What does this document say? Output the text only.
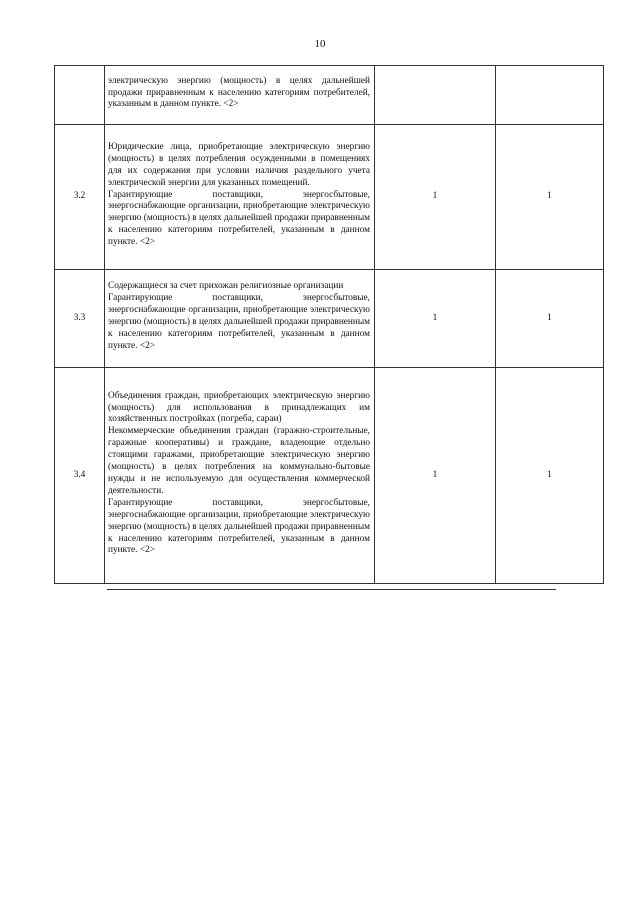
10

	электрическую энергию (мощность) в целях дальнейшей продажи приравненным к населению категориям потребителей, указанным в данном пункте. <2>		

3.2	Юридические лица, приобретающие электрическую энергию (мощность) в целях потребления осужденными в помещениях для их содержания при условии наличия раздельного учета электрической энергии для указанных помещений.

Гарантирующие поставщики, энергосбытовые, энергоснабжающие организации, приобретающие электрическую энергию (мощность) в целях дальнейшей продажи приравненным к населению категориям потребителей, указанным в данном пункте. <2>	1	1
3.3	Содержащиеся за счет прихожан религиозные организации

Гарантирующие поставщики, энергосбытовые, энергоснабжающие организации, приобретающие электрическую энергию (мощность) в целях дальнейшей продажи приравненным к населению категориям потребителей, указанным в данном пункте. <2>	1	1
3.4	Объединения граждан, приобретающих электрическую энергию (мощность) для использования в принадлежащих им хозяйственных постройках (погреба, сараи)

Некоммерческие объединения граждан (гаражно-строительные, гаражные кооперативы) и граждане, владеющие отдельно стоящими гаражами, приобретающие электрическую энергию (мощность) в целях потребления на коммунально-бытовые нужды и не используемую для осуществления коммерческой деятельности.

Гарантирующие поставщики, энергосбытовые, энергоснабжающие организации, приобретающие электрическую энергию (мощность) в целях дальнейшей продажи приравненным к населению категориям потребителей, указанным в данном пункте. <2>	1	1
